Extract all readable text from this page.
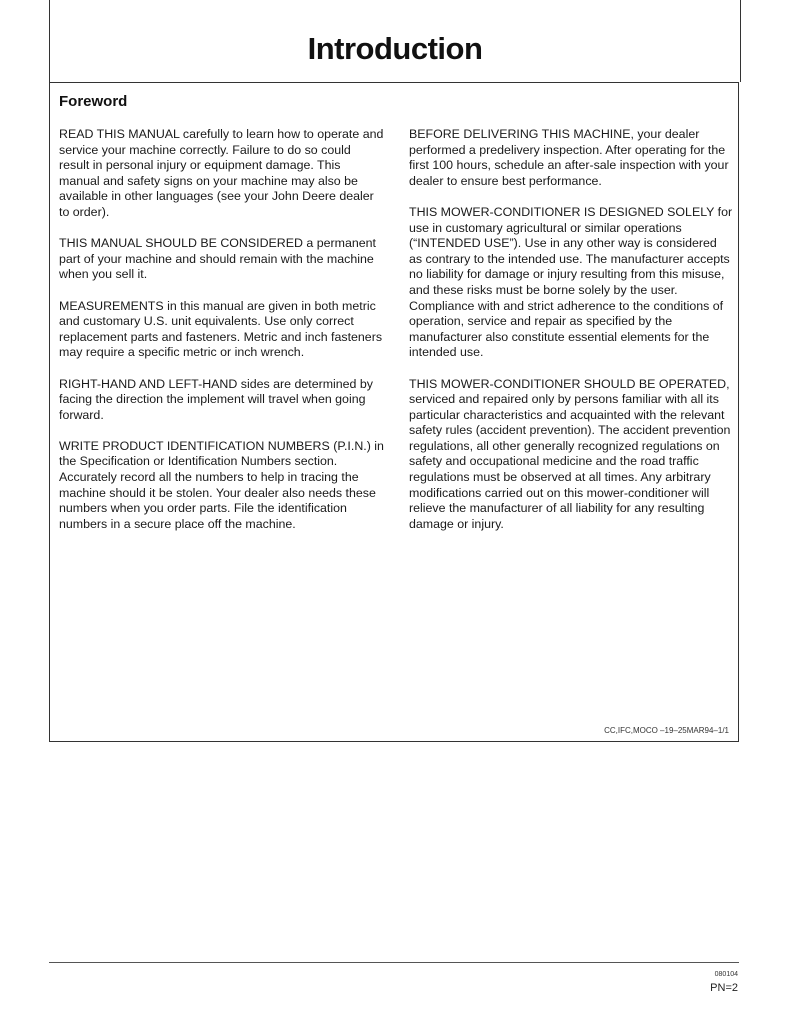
Introduction
Foreword

READ THIS MANUAL carefully to learn how to operate and service your machine correctly. Failure to do so could result in personal injury or equipment damage. This manual and safety signs on your machine may also be available in other languages (see your John Deere dealer to order).

THIS MANUAL SHOULD BE CONSIDERED a permanent part of your machine and should remain with the machine when you sell it.

MEASUREMENTS in this manual are given in both metric and customary U.S. unit equivalents. Use only correct replacement parts and fasteners. Metric and inch fasteners may require a specific metric or inch wrench.

RIGHT-HAND AND LEFT-HAND sides are determined by facing the direction the implement will travel when going forward.

WRITE PRODUCT IDENTIFICATION NUMBERS (P.I.N.) in the Specification or Identification Numbers section. Accurately record all the numbers to help in tracing the machine should it be stolen. Your dealer also needs these numbers when you order parts. File the identification numbers in a secure place off the machine.

BEFORE DELIVERING THIS MACHINE, your dealer performed a predelivery inspection. After operating for the first 100 hours, schedule an after-sale inspection with your dealer to ensure best performance.

THIS MOWER-CONDITIONER IS DESIGNED SOLELY for use in customary agricultural or similar operations (“INTENDED USE”). Use in any other way is considered as contrary to the intended use. The manufacturer accepts no liability for damage or injury resulting from this misuse, and these risks must be borne solely by the user. Compliance with and strict adherence to the conditions of operation, service and repair as specified by the manufacturer also constitute essential elements for the intended use.

THIS MOWER-CONDITIONER SHOULD BE OPERATED, serviced and repaired only by persons familiar with all its particular characteristics and acquainted with the relevant safety rules (accident prevention). The accident prevention regulations, all other generally recognized regulations on safety and occupational medicine and the road traffic regulations must be observed at all times. Any arbitrary modifications carried out on this mower-conditioner will relieve the manufacturer of all liability for any resulting damage or injury.

CC,IFC,MOCO –19–25MAR94–1/1
080104
PN=2
